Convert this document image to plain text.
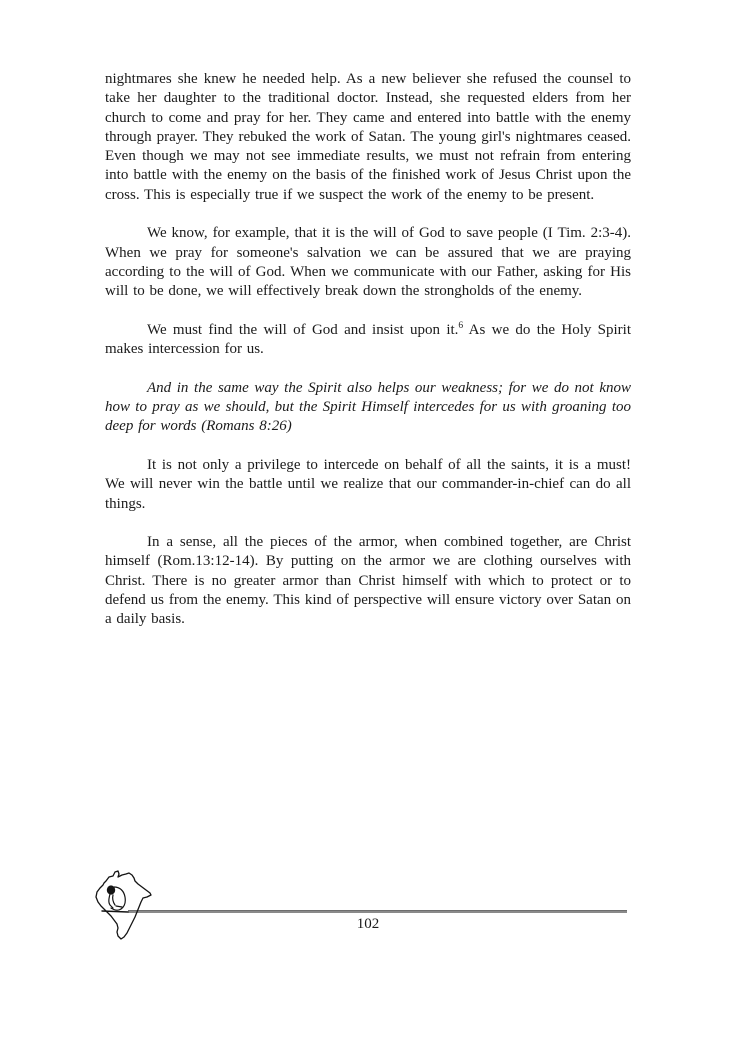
nightmares she knew he needed help. As a new believer she refused the counsel to take her daughter to the traditional doctor. Instead, she requested elders from her church to come and pray for her. They came and entered into battle with the enemy through prayer. They rebuked the work of Satan. The young girl's nightmares ceased. Even though we may not see immediate results, we must not refrain from entering into battle with the enemy on the basis of the finished work of Jesus Christ upon the cross. This is especially true if we suspect the work of the enemy to be present.

We know, for example, that it is the will of God to save people (I Tim. 2:3-4). When we pray for someone's salvation we can be assured that we are praying according to the will of God. When we communicate with our Father, asking for His will to be done, we will effectively break down the strongholds of the enemy.

We must find the will of God and insist upon it.$^6$ As we do the Holy Spirit makes intercession for us.

And in the same way the Spirit also helps our weakness; for we do not know how to pray as we should, but the Spirit Himself intercedes for us with groaning too deep for words (Romans 8:26)

It is not only a privilege to intercede on behalf of all the saints, it is a must! We will never win the battle until we realize that our commander-in-chief can do all things.

In a sense, all the pieces of the armor, when combined together, are Christ himself (Rom.13:12-14). By putting on the armor we are clothing ourselves with Christ. There is no greater armor than Christ himself with which to protect or to defend us from the enemy. This kind of perspective will ensure victory over Satan on a daily basis.

102
